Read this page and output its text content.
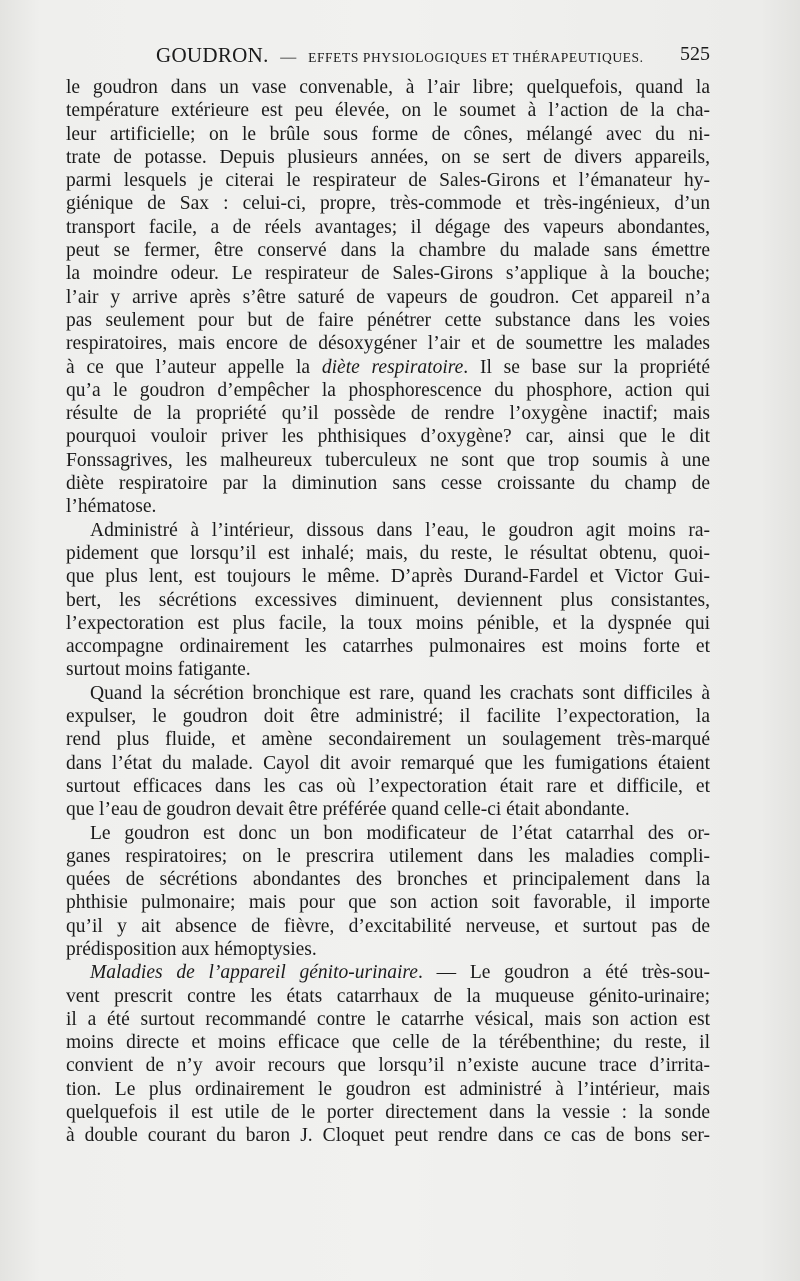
GOUDRON. — EFFETS PHYSIOLOGIQUES ET THÉRAPEUTIQUES. 525
le goudron dans un vase convenable, à l’air libre; quelquefois, quand la
température extérieure est peu élevée, on le soumet à l’action de la cha-
leur artificielle; on le brûle sous forme de cônes, mélangé avec du ni-
trate de potasse. Depuis plusieurs années, on se sert de divers appareils,
parmi lesquels je citerai le respirateur de Sales-Girons et l’émanateur hy-
giénique de Sax : celui-ci, propre, très-commode et très-ingénieux, d’un
transport facile, a de réels avantages; il dégage des vapeurs abondantes,
peut se fermer, être conservé dans la chambre du malade sans émettre
la moindre odeur. Le respirateur de Sales-Girons s’applique à la bouche;
l’air y arrive après s’être saturé de vapeurs de goudron. Cet appareil n’a
pas seulement pour but de faire pénétrer cette substance dans les voies
respiratoires, mais encore de désoxygéner l’air et de soumettre les malades
à ce que l’auteur appelle la diète respiratoire. Il se base sur la propriété
qu’a le goudron d’empêcher la phosphorescence du phosphore, action qui
résulte de la propriété qu’il possède de rendre l’oxygène inactif; mais
pourquoi vouloir priver les phthisiques d’oxygène? car, ainsi que le dit
Fonssagrives, les malheureux tuberculeux ne sont que trop soumis à une
diète respiratoire par la diminution sans cesse croissante du champ de
l’hématose.
Administré à l’intérieur, dissous dans l’eau, le goudron agit moins ra-
pidement que lorsqu’il est inhalé; mais, du reste, le résultat obtenu, quoi-
que plus lent, est toujours le même. D’après Durand-Fardel et Victor Gui-
bert, les sécrétions excessives diminuent, deviennent plus consistantes,
l’expectoration est plus facile, la toux moins pénible, et la dyspnée qui
accompagne ordinairement les catarrhes pulmonaires est moins forte et
surtout moins fatigante.
Quand la sécrétion bronchique est rare, quand les crachats sont difficiles à
expulser, le goudron doit être administré; il facilite l’expectoration, la
rend plus fluide, et amène secondairement un soulagement très-marqué
dans l’état du malade. Cayol dit avoir remarqué que les fumigations étaient
surtout efficaces dans les cas où l’expectoration était rare et difficile, et
que l’eau de goudron devait être préférée quand celle-ci était abondante.
Le goudron est donc un bon modificateur de l’état catarrhal des or-
ganes respiratoires; on le prescrira utilement dans les maladies compli-
quées de sécrétions abondantes des bronches et principalement dans la
phthisie pulmonaire; mais pour que son action soit favorable, il importe
qu’il y ait absence de fièvre, d’excitabilité nerveuse, et surtout pas de
prédisposition aux hémoptysies.
Maladies de l’appareil génito-urinaire. — Le goudron a été très-sou-
vent prescrit contre les états catarrhaux de la muqueuse génito-urinaire;
il a été surtout recommandé contre le catarrhe vésical, mais son action est
moins directe et moins efficace que celle de la térébenthine; du reste, il
convient de n’y avoir recours que lorsqu’il n’existe aucune trace d’irrita-
tion. Le plus ordinairement le goudron est administré à l’intérieur, mais
quelquefois il est utile de le porter directement dans la vessie : la sonde
à double courant du baron J. Cloquet peut rendre dans ce cas de bons ser-
